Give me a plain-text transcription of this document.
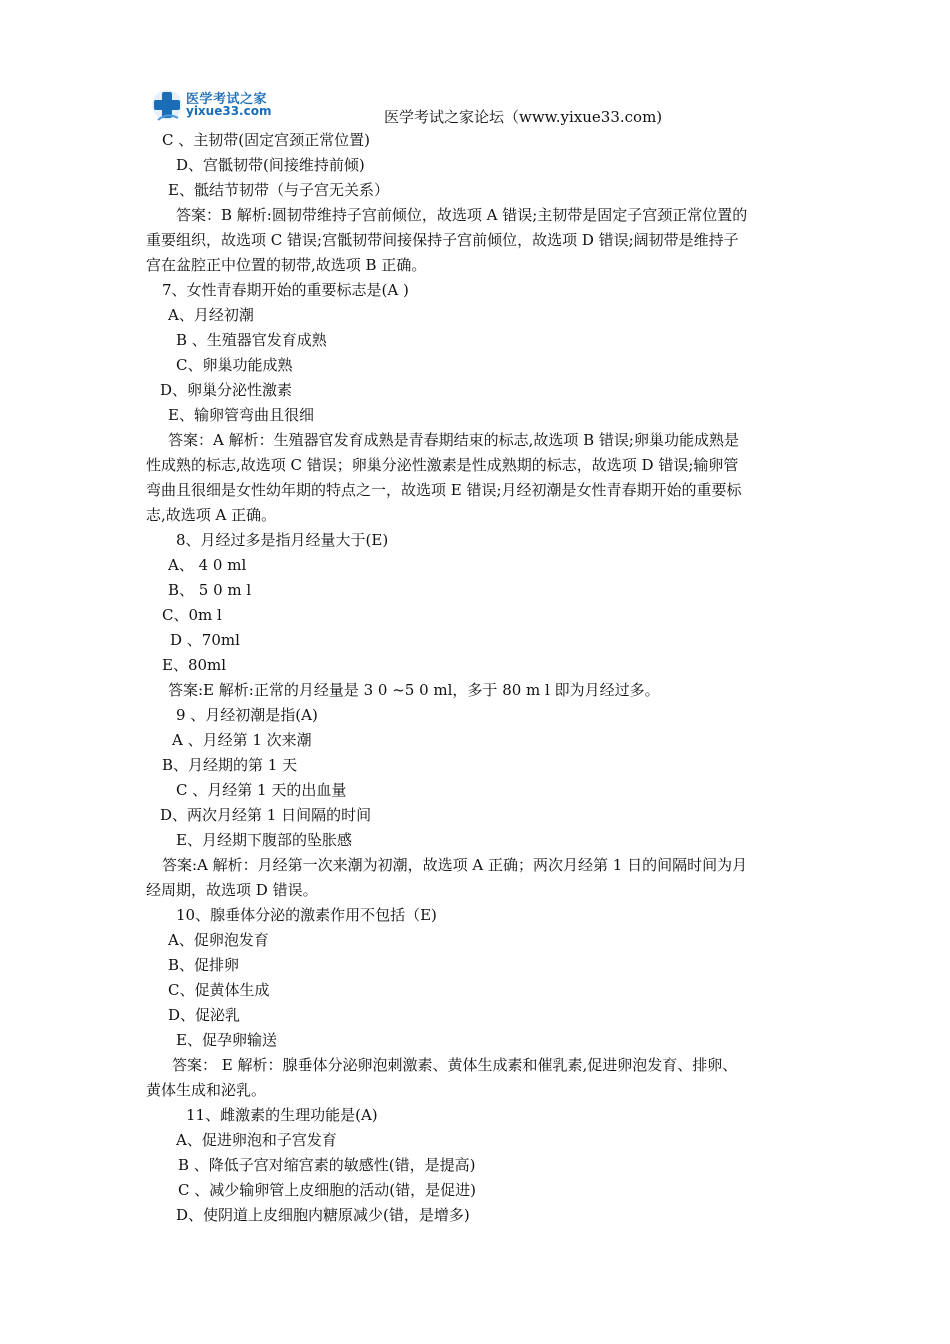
医学考试之家
yixue33.com	医学考试之家论坛（www.yixue33.com)
C 、主韧带(固定宫颈正常位置)
D、宫骶韧带(间接维持前倾)
E、骶结节韧带（与子宫无关系）
答案：B 解析:圆韧带维持子宫前倾位，故选项 A 错误;主韧带是固定子宫颈正常位置的
重要组织，故选项 C 错误;宫骶韧带间接保持子宫前倾位，故选项 D 错误;阔韧带是维持子
宫在盆腔正中位置的韧带,故选项 B 正确。
7、女性青春期开始的重要标志是(A )
A、月经初潮
B 、生殖器官发育成熟
C、卵巢功能成熟
D、卵巢分泌性激素
E、输卵管弯曲且很细
答案：A 解析：生殖器官发育成熟是青春期结束的标志,故选项 B 错误;卵巢功能成熟是
性成熟的标志,故选项 C 错误；卵巢分泌性激素是性成熟期的标志，故选项 D 错误;输卵管
弯曲且很细是女性幼年期的特点之一，故选项 E 错误;月经初潮是女性青春期开始的重要标
志,故选项 A 正确。
8、月经过多是指月经量大于(E)
A、 4 0 ml
B、 5 0 m l
C、0m l
D 、70ml
E、80ml
答案:E 解析:正常的月经量是 3 0 ~5 0 ml，多于 80 m l 即为月经过多。
9 、月经初潮是指(A)
A 、月经第 1 次来潮
B、月经期的第 1 天
C 、月经第 1 天的出血量
D、两次月经第 1 日间隔的时间
E、月经期下腹部的坠胀感
答案:A 解析：月经第一次来潮为初潮，故选项 A 正确；两次月经第 1 日的间隔时间为月
经周期，故选项 D 错误。
10、腺垂体分泌的激素作用不包括（E)
A、促卵泡发育
B、促排卵
C、促黄体生成
D、促泌乳
E、促孕卵输送
答案： E 解析：腺垂体分泌卵泡刺激素、黄体生成素和催乳素,促进卵泡发育、排卵、
黄体生成和泌乳。
11、雌激素的生理功能是(A)
A、促进卵泡和子宫发育
B 、降低子宫对缩宫素的敏感性(错，是提高)
C 、减少输卵管上皮细胞的活动(错，是促进)
D、使阴道上皮细胞内糖原减少(错，是增多)
